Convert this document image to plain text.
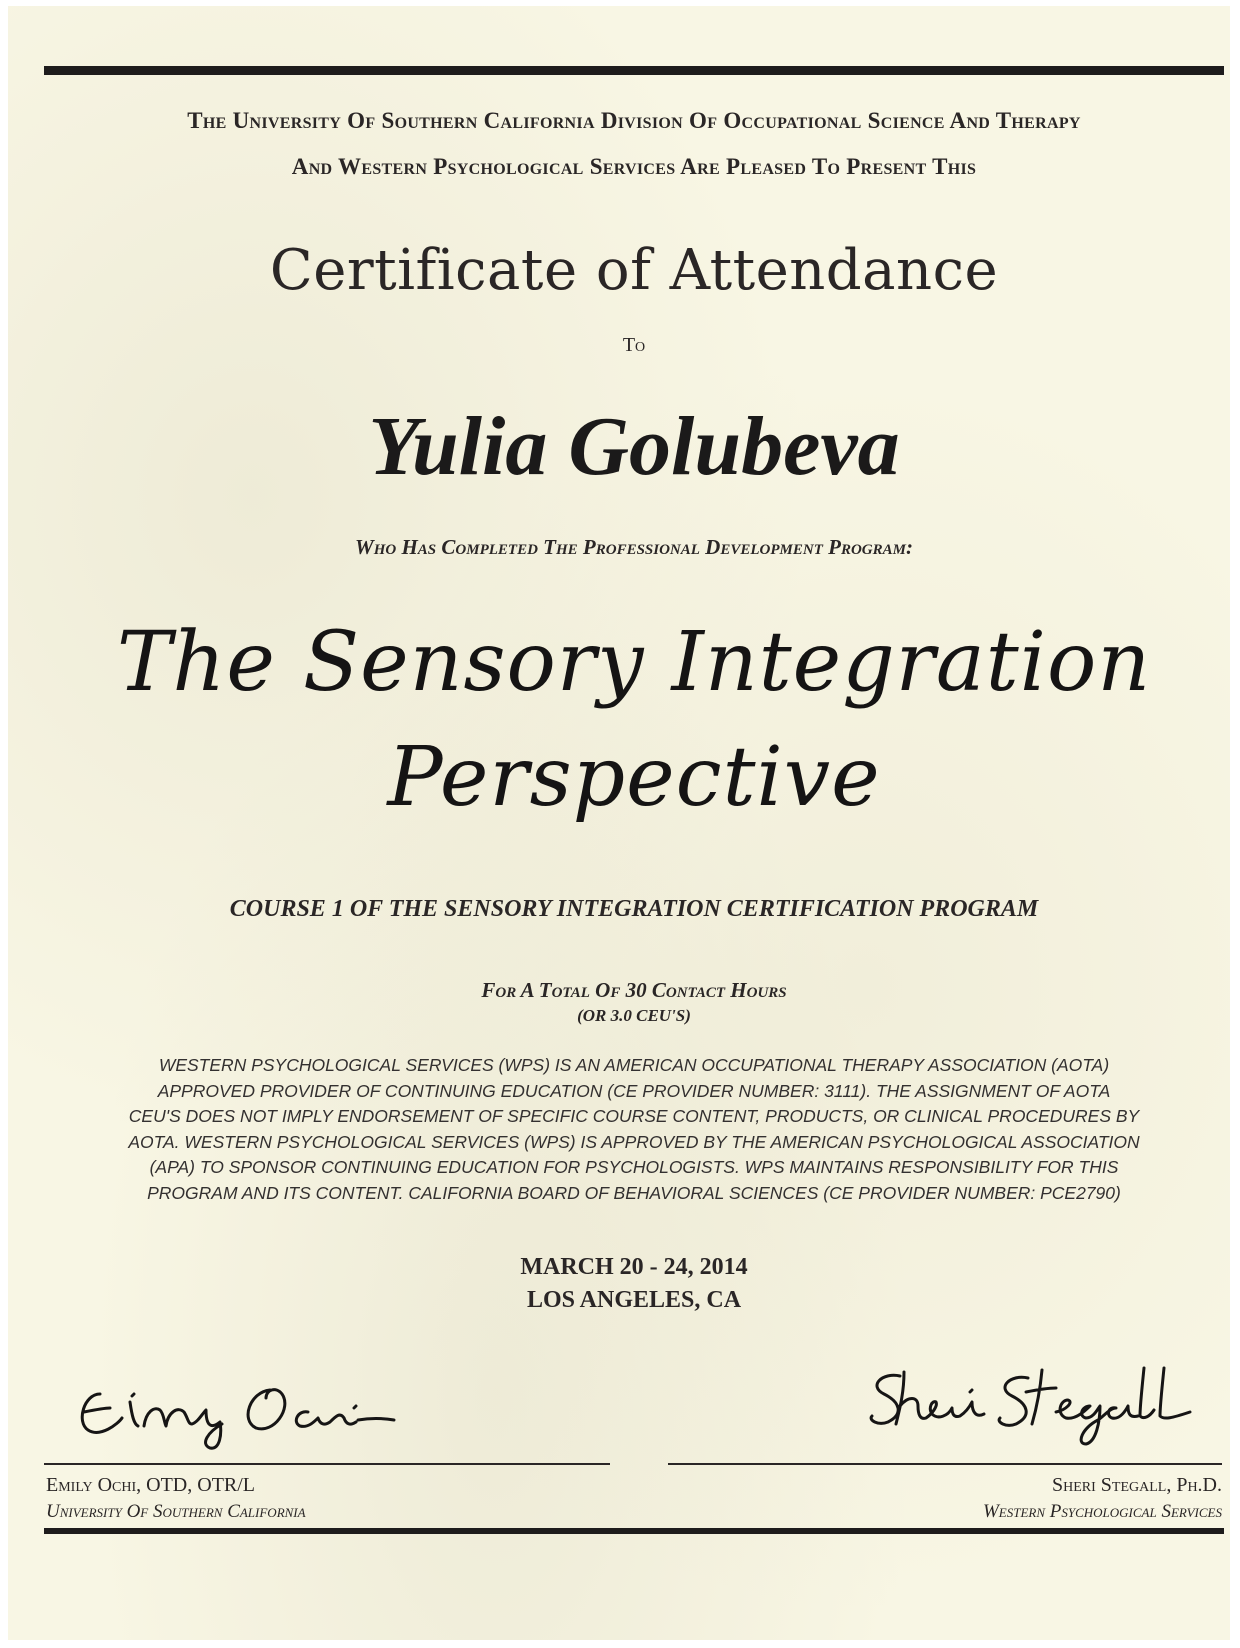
The University Of Southern California Division Of Occupational Science And Therapy
And Western Psychological Services Are Pleased To Present This
Certificate of Attendance
To
Yulia Golubeva
Who Has Completed The Professional Development Program:
The Sensory Integration
Perspective
COURSE 1 OF THE SENSORY INTEGRATION CERTIFICATION PROGRAM
For A Total Of 30 Contact Hours
(OR 3.0 CEU'S)
WESTERN PSYCHOLOGICAL SERVICES (WPS) IS AN AMERICAN OCCUPATIONAL THERAPY ASSOCIATION (AOTA)
APPROVED PROVIDER OF CONTINUING EDUCATION (CE PROVIDER NUMBER: 3111). THE ASSIGNMENT OF AOTA
CEU'S DOES NOT IMPLY ENDORSEMENT OF SPECIFIC COURSE CONTENT, PRODUCTS, OR CLINICAL PROCEDURES BY
AOTA. WESTERN PSYCHOLOGICAL SERVICES (WPS) IS APPROVED BY THE AMERICAN PSYCHOLOGICAL ASSOCIATION
(APA) TO SPONSOR CONTINUING EDUCATION FOR PSYCHOLOGISTS. WPS MAINTAINS RESPONSIBILITY FOR THIS
PROGRAM AND ITS CONTENT. CALIFORNIA BOARD OF BEHAVIORAL SCIENCES (CE PROVIDER NUMBER: PCE2790)
MARCH 20 - 24, 2014
LOS ANGELES, CA
Emily Ochi, OTD, OTR/L
University Of Southern California
Sheri Stegall, Ph.D.
Western Psychological Services
